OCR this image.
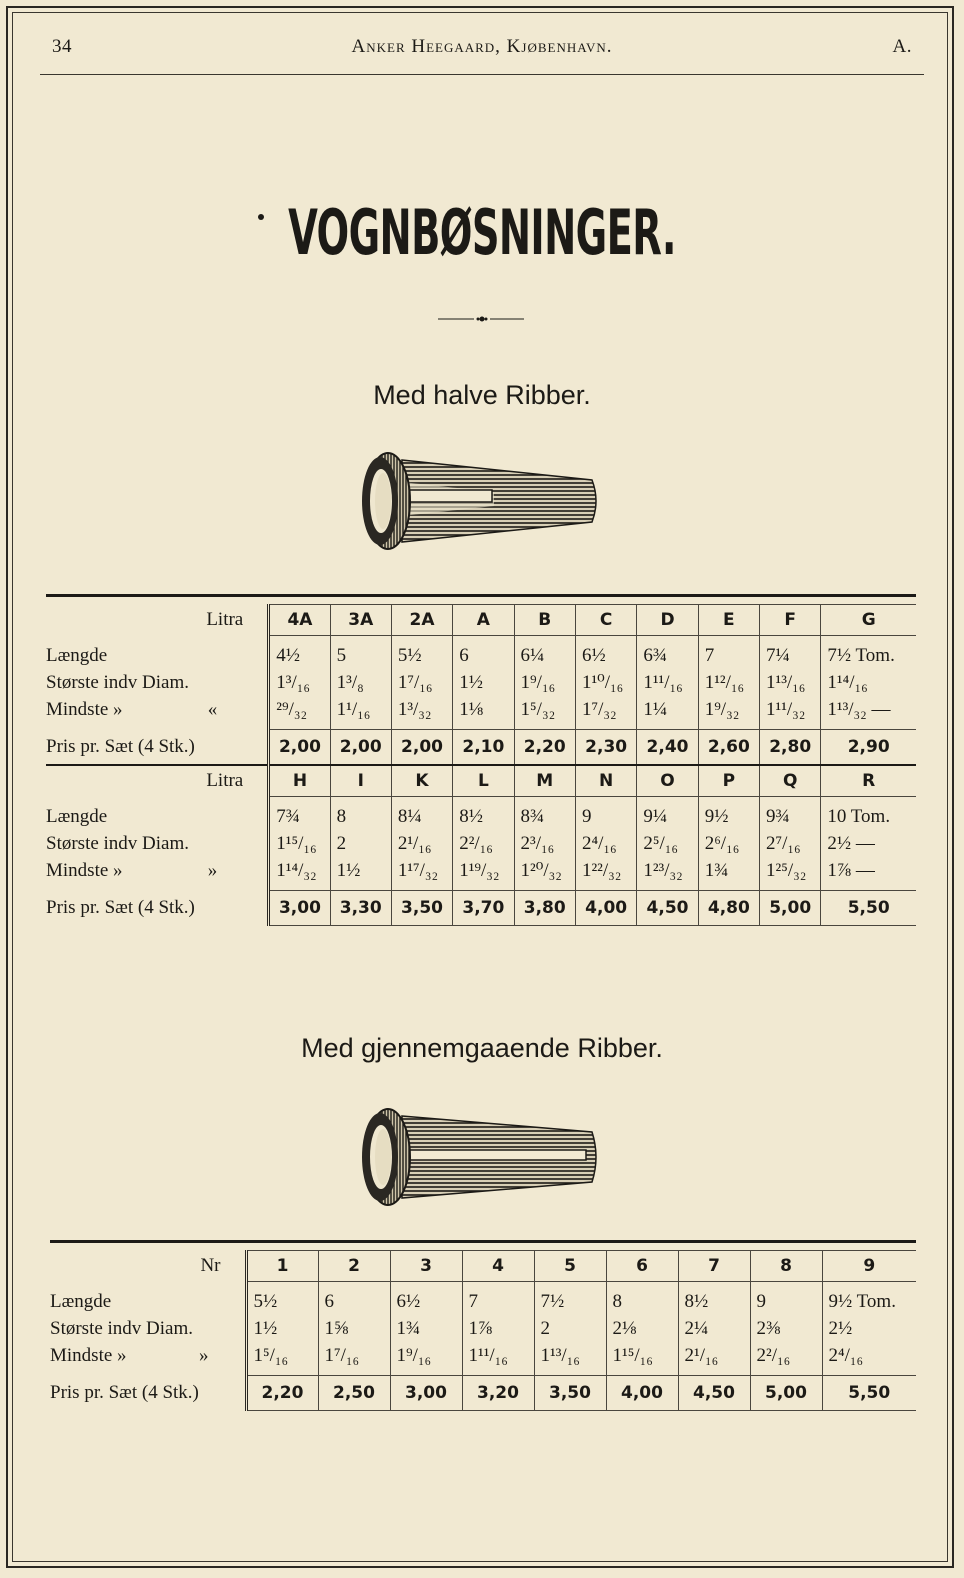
34	Anker Heegaard, Kjøbenhavn.	A.
VOGNBØSNINGER.
Med halve Ribber.
Litra	4A	3A	2A	A	B	C	D	E	F	G

Længde	4½	5	5½	6	6¼	6½	6¾	7	7¼	7½ Tom.
Største indv Diam.	1³/₁₆	1³/₈	1⁷/₁₆	1½	1⁹/₁₆	1¹⁰/₁₆	1¹¹/₁₆	1¹²/₁₆	1¹³/₁₆	1¹⁴/₁₆
Mindste » «	²⁹/₃₂	1¹/₁₆	1³/₃₂	1⅛	1⁵/₃₂	1⁷/₃₂	1¼	1⁹/₃₂	1¹¹/₃₂	1¹³/₃₂ —

Pris pr. Sæt (4 Stk.)	2,00	2,00	2,00	2,10	2,20	2,30	2,40	2,60	2,80	2,90
Litra	H	I	K	L	M	N	O	P	Q	R

Længde	7¾	8	8¼	8½	8¾	9	9¼	9½	9¾	10 Tom.
Største indv Diam.	1¹⁵/₁₆	2	2¹/₁₆	2²/₁₆	2³/₁₆	2⁴/₁₆	2⁵/₁₆	2⁶/₁₆	2⁷/₁₆	2½ —
Mindste » »	1¹⁴/₃₂	1½	1¹⁷/₃₂	1¹⁹/₃₂	1²⁰/₃₂	1²²/₃₂	1²³/₃₂	1¾	1²⁵/₃₂	1⅞ —

Pris pr. Sæt (4 Stk.)	3,00	3,30	3,50	3,70	3,80	4,00	4,50	4,80	5,00	5,50
Med gjennemgaaende Ribber.
Nr	1	2	3	4	5	6	7	8	9

Længde	5½	6	6½	7	7½	8	8½	9	9½ Tom.
Største indv Diam.	1½	1⅝	1¾	1⅞	2	2⅛	2¼	2⅜	2½
Mindste » »	1⁵/₁₆	1⁷/₁₆	1⁹/₁₆	1¹¹/₁₆	1¹³/₁₆	1¹⁵/₁₆	2¹/₁₆	2²/₁₆	2⁴/₁₆

Pris pr. Sæt (4 Stk.)	2,20	2,50	3,00	3,20	3,50	4,00	4,50	5,00	5,50
